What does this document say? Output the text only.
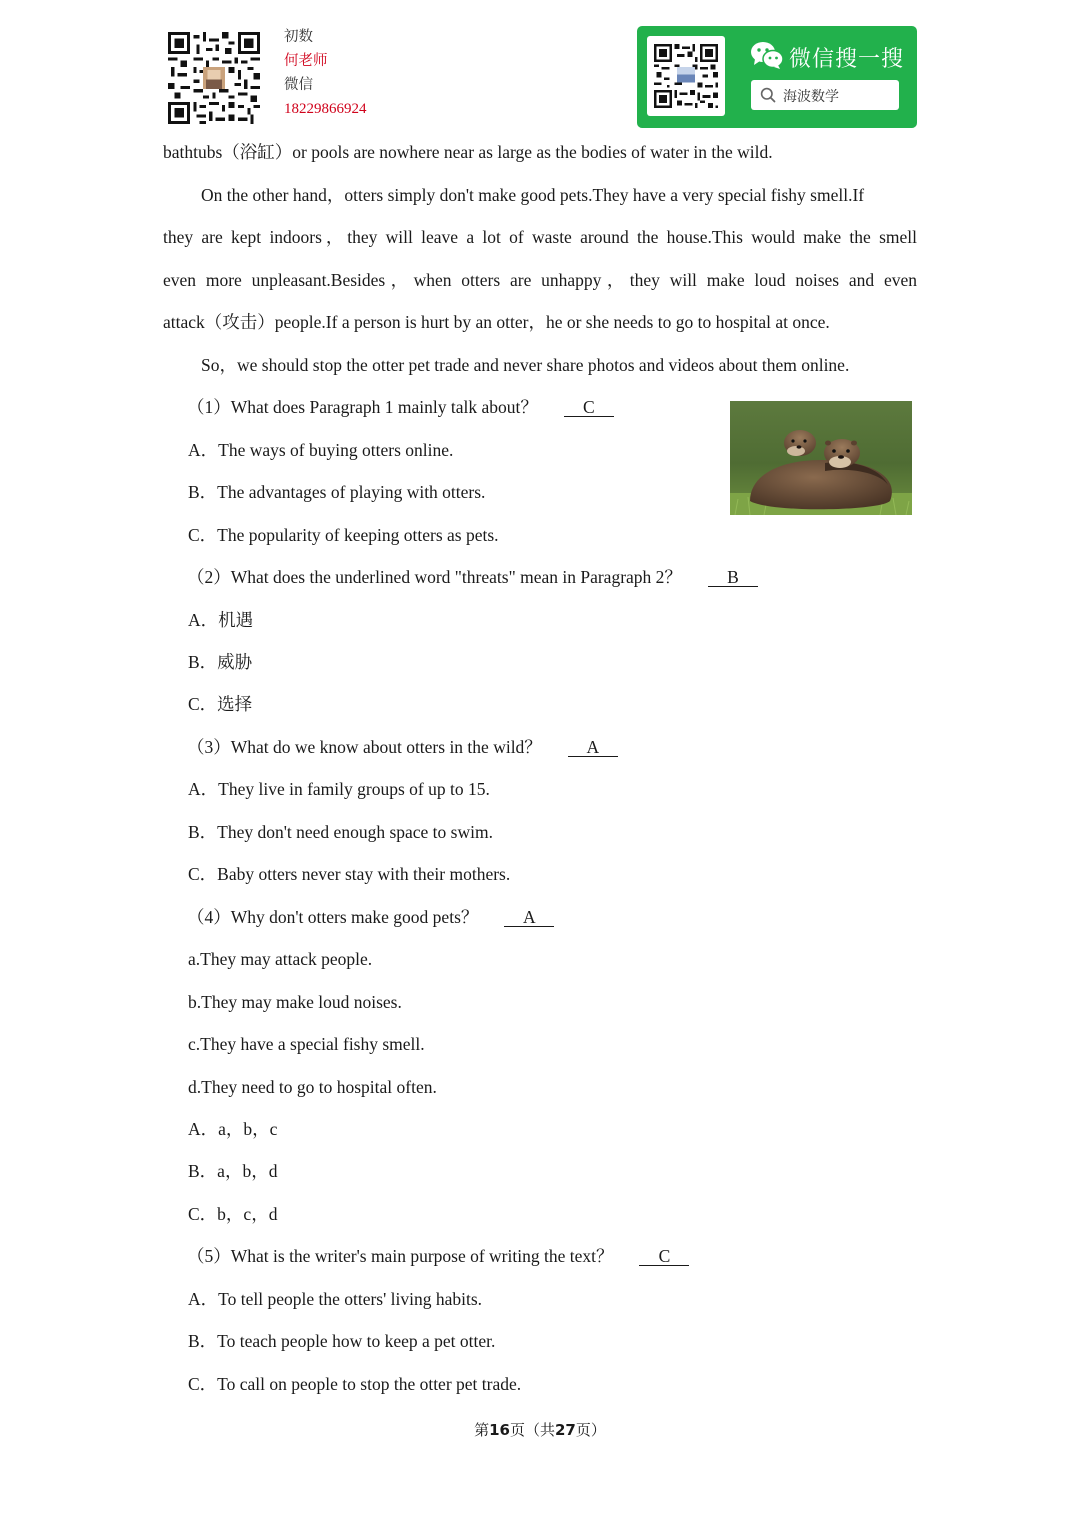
初数
何老师
微信
18229866924
微信搜一搜
海波数学
bathtubs（浴缸）or pools are nowhere near as large as the bodies of water in the wild.
On the other hand，otters simply don't make good pets.They have a very special fishy smell.If
they are kept indoors，they will leave a lot of waste around the house.This would make the smell
even more unpleasant.Besides，when otters are unhappy，they will make loud noises and even
attack（攻击）people.If a person is hurt by an otter，he or she needs to go to hospital at once.
So，we should stop the otter pet trade and never share photos and videos about them online.
（1）What does Paragraph 1 mainly talk about？	C
A．The ways of buying otters online.
B．The advantages of playing with otters.
C．The popularity of keeping otters as pets.
（2）What does the underlined word "threats" mean in Paragraph 2？	B
A．机遇
B．威胁
C．选择
（3）What do we know about otters in the wild？	A
A．They live in family groups of up to 15.
B．They don't need enough space to swim.
C．Baby otters never stay with their mothers.
（4）Why don't otters make good pets？	A
a.They may attack people.
b.They may make loud noises.
c.They have a special fishy smell.
d.They need to go to hospital often.
A．a，b，c
B．a，b，d
C．b，c，d
（5）What is the writer's main purpose of writing the text？	C
A．To tell people the otters' living habits.
B．To teach people how to keep a pet otter.
C．To call on people to stop the otter pet trade.
第16页（共27页）
